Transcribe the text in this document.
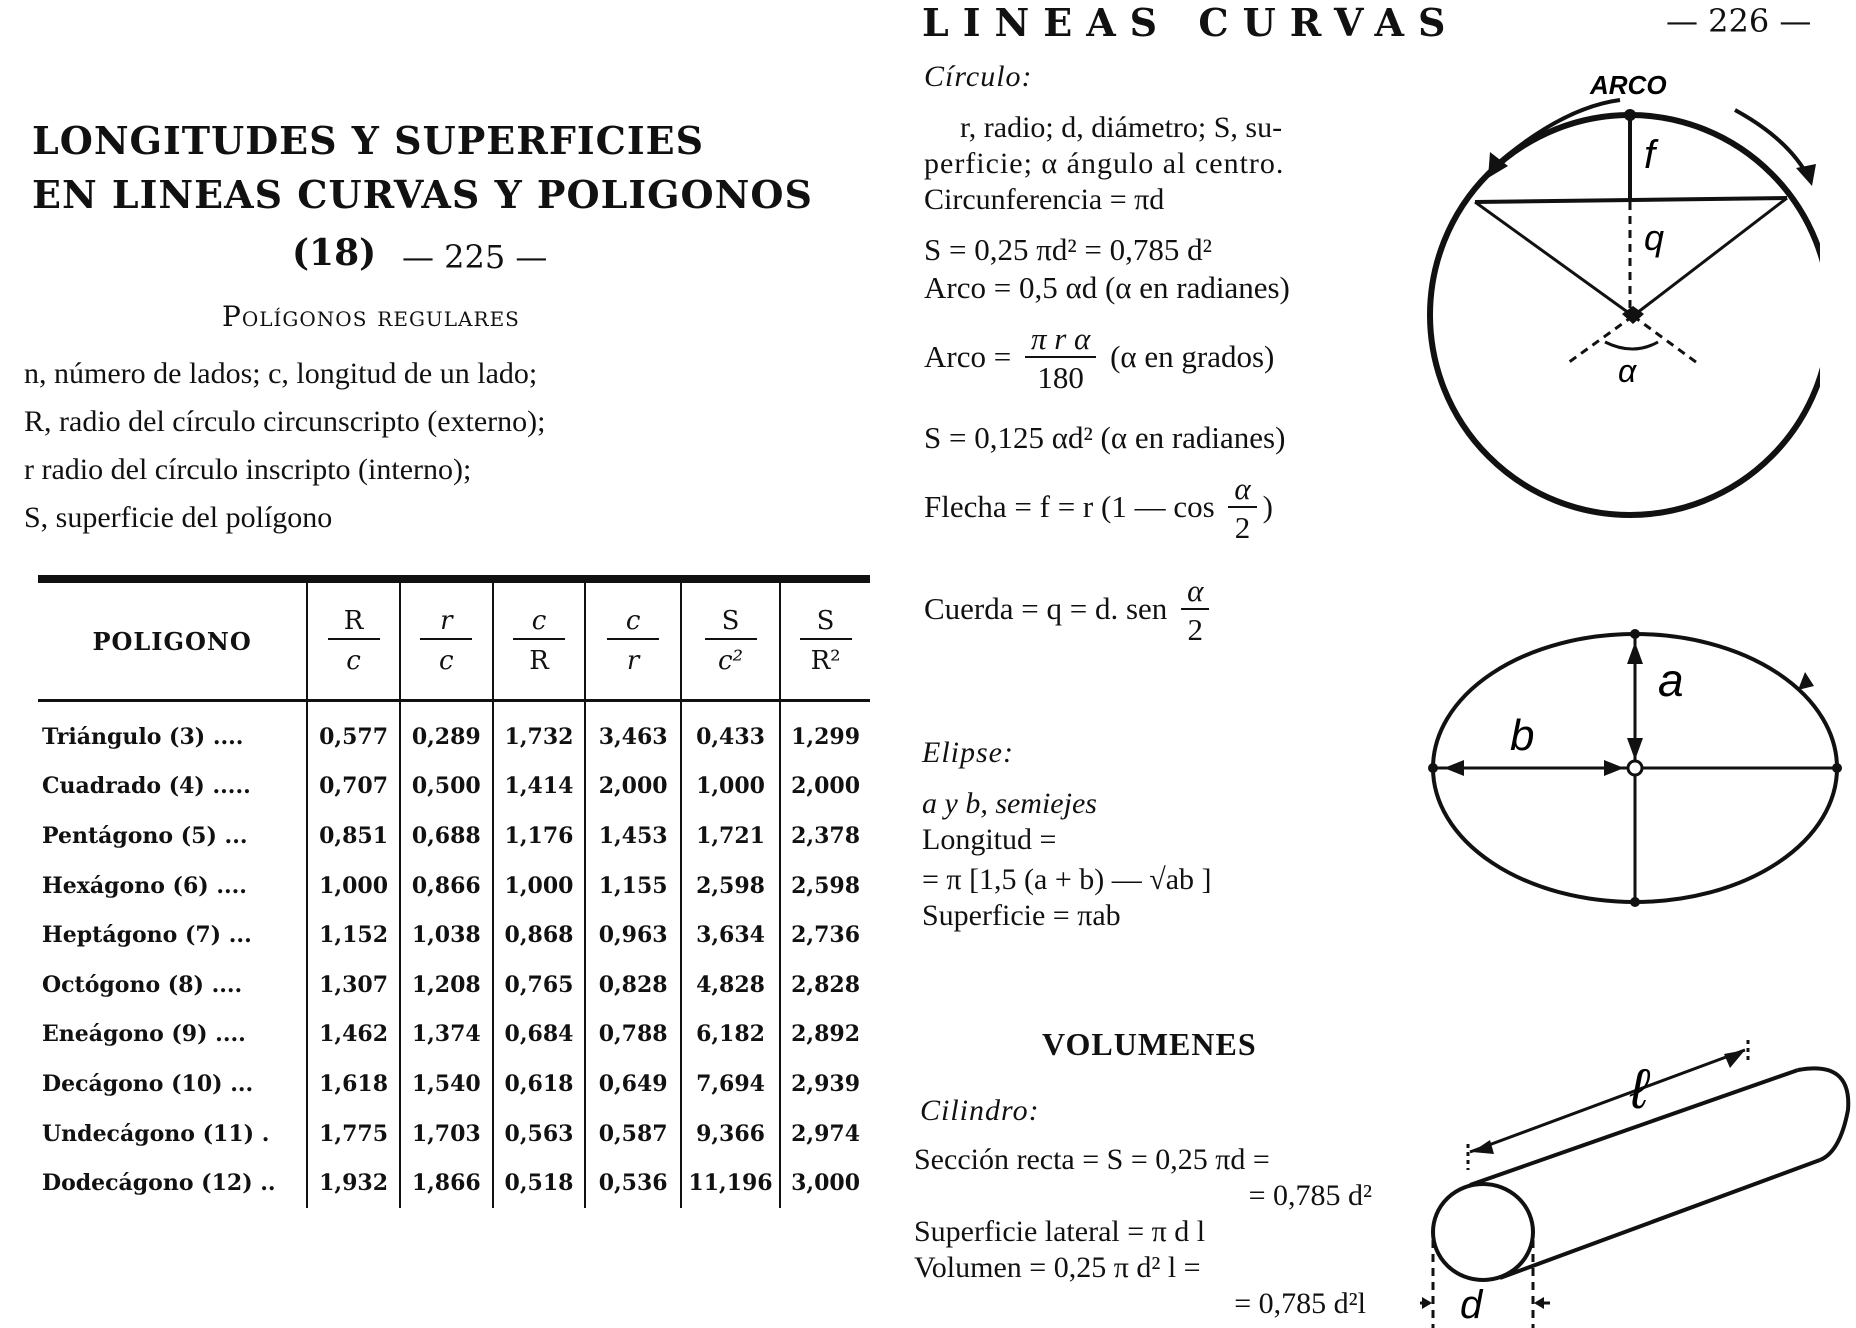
LONGITUDES Y SUPERFICIES
EN LINEAS CURVAS Y POLIGONOS
(18) — 225 —
Polígonos regulares
n, número de lados; c, longitud de un lado;
R, radio del círculo circunscripto (externo);
r radio del círculo inscripto (interno);
S, superficie del polígono
POLIGONO	$\frac{R}{c}$	$\frac{r}{c}$	$\frac{c}{R}$	$\frac{c}{r}$	$\frac{S}{\text{c²}}$	$\frac{S}{\text{R²}}$

Triángulo (3) ....	0,577	0,289	1,732	3,463	0,433	1,299
Cuadrado (4) .....	0,707	0,500	1,414	2,000	1,000	2,000
Pentágono (5) ...	0,851	0,688	1,176	1,453	1,721	2,378
Hexágono (6) ....	1,000	0,866	1,000	1,155	2,598	2,598
Heptágono (7) ...	1,152	1,038	0,868	0,963	3,634	2,736
Octógono (8) ....	1,307	1,208	0,765	0,828	4,828	2,828
Eneágono (9) ....	1,462	1,374	0,684	0,788	6,182	2,892
Decágono (10) ...	1,618	1,540	0,618	0,649	7,694	2,939
Undecágono (11) .	1,775	1,703	0,563	0,587	9,366	2,974
Dodecágono (12) ..	1,932	1,866	0,518	0,536	11,196	3,000
LINEAS CURVAS	— 226 —
Círculo:
r, radio; d, diámetro; S, su-
perficie; α ángulo al centro.
Circunferencia = πd
S = 0,25 πd² = 0,785 d²
Arco = 0,5 αd (α en radianes)
Arco = $\frac{\text{π r α}}{180} (\alpha$ en grados)
S = 0,125 αd² (α en radianes)
Flecha = f = r (1 — $\cos \frac{\alpha}{2}$ )
Cuerda = q = d. sen $\frac{\alpha}{2}$
Elipse:
a y b, semiejes
Longitud =
= π [1,5 (a + b) — √ab ]
Superficie = πab
VOLUMENES
Cilindro:
Sección recta = S = 0,25 πd =
= 0,785 d²
Superficie lateral = π d l
Volumen = 0,25 π d² l =
= 0,785 d²l
ARCO
f
q
α
a
b
ℓ
d
